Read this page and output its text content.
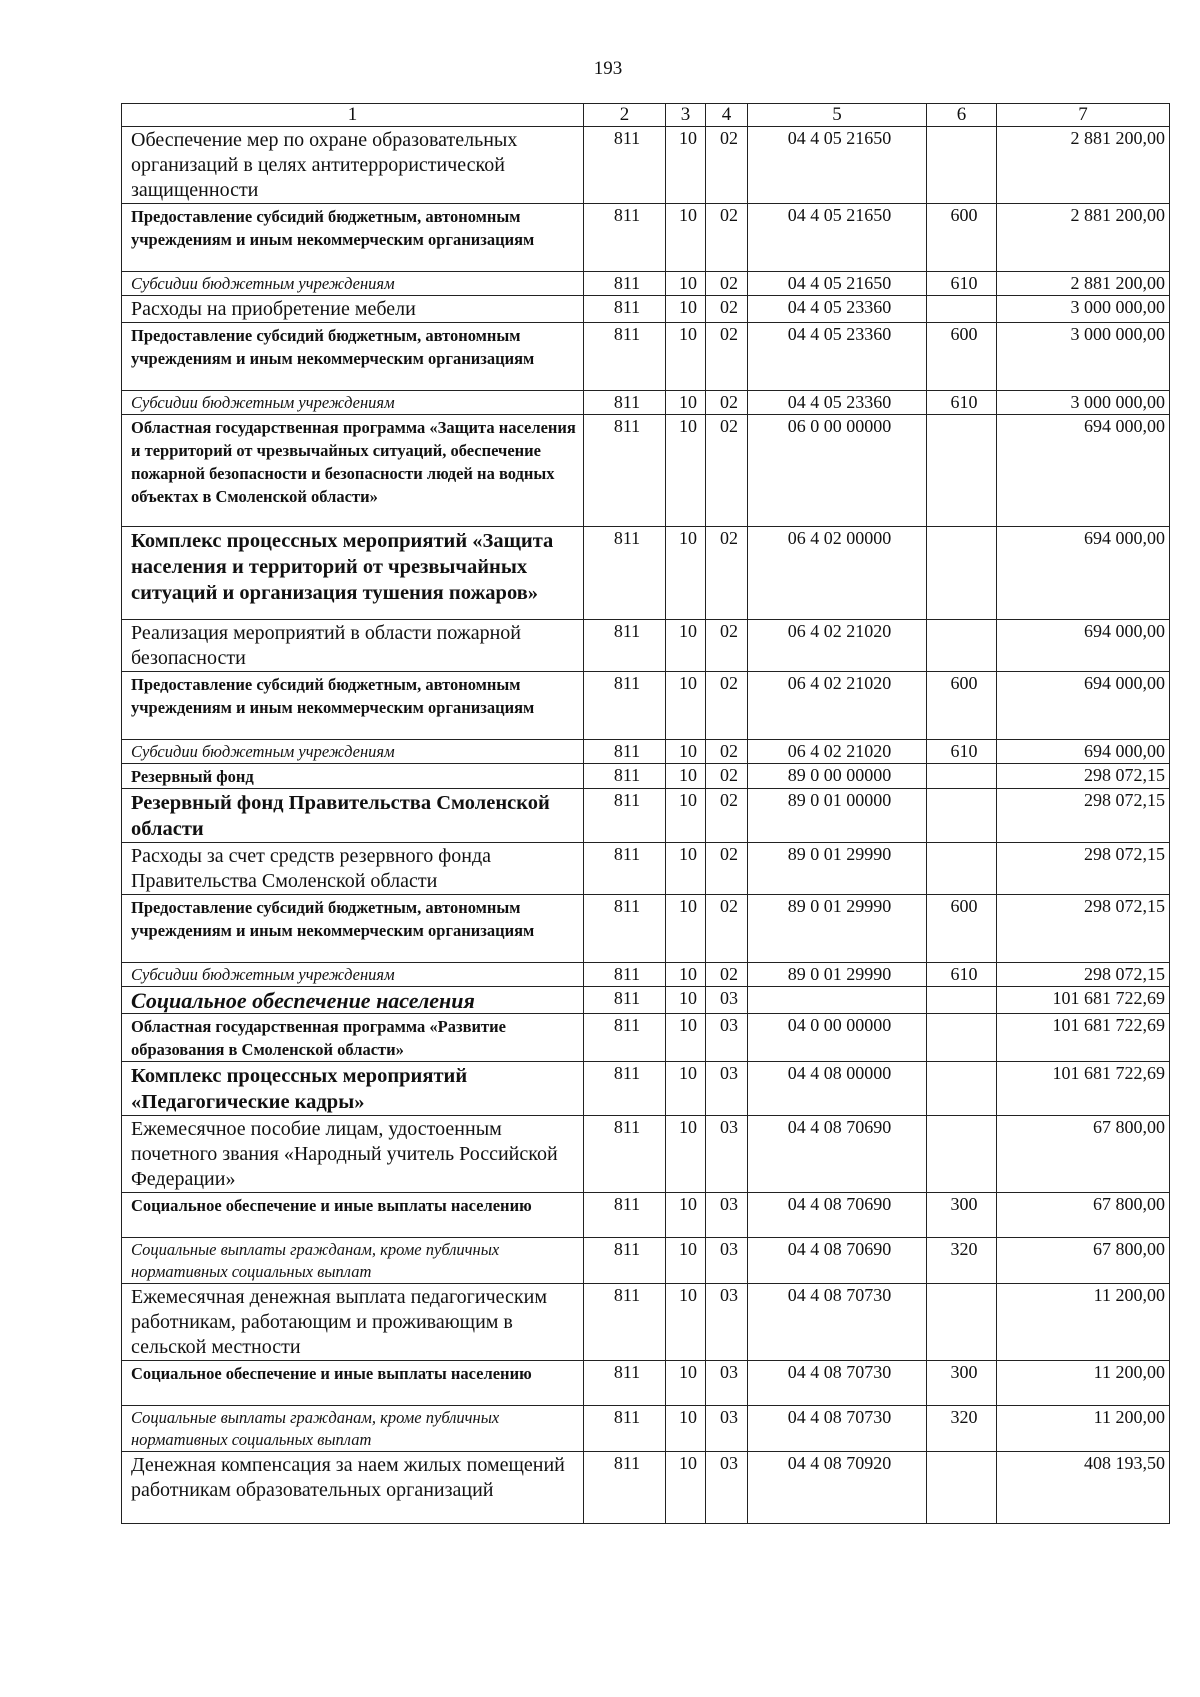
193
1	2	3	4	5	6	7
Обеспечение мер по охране образовательных организаций в целях антитеррористической защищенности	811	10	02	04 4 05 21650		2 881 200,00
Предоставление субсидий бюджетным, автономным учреждениям и иным некоммерческим организациям	811	10	02	04 4 05 21650	600	2 881 200,00
Субсидии бюджетным учреждениям	811	10	02	04 4 05 21650	610	2 881 200,00
Расходы на приобретение мебели	811	10	02	04 4 05 23360		3 000 000,00
Предоставление субсидий бюджетным, автономным учреждениям и иным некоммерческим организациям	811	10	02	04 4 05 23360	600	3 000 000,00
Субсидии бюджетным учреждениям	811	10	02	04 4 05 23360	610	3 000 000,00
Областная государственная программа «Защита населения и территорий от чрезвычайных ситуаций, обеспечение пожарной безопасности и безопасности людей на водных объектах в Смоленской области»	811	10	02	06 0 00 00000		694 000,00
Комплекс процессных мероприятий «Защита населения и территорий от чрезвычайных ситуаций и организация тушения пожаров»	811	10	02	06 4 02 00000		694 000,00
Реализация мероприятий в области пожарной безопасности	811	10	02	06 4 02 21020		694 000,00
Предоставление субсидий бюджетным, автономным учреждениям и иным некоммерческим организациям	811	10	02	06 4 02 21020	600	694 000,00
Субсидии бюджетным учреждениям	811	10	02	06 4 02 21020	610	694 000,00
Резервный фонд	811	10	02	89 0 00 00000		298 072,15
Резервный фонд Правительства Смоленской области	811	10	02	89 0 01 00000		298 072,15
Расходы за счет средств резервного фонда Правительства Смоленской области	811	10	02	89 0 01 29990		298 072,15
Предоставление субсидий бюджетным, автономным учреждениям и иным некоммерческим организациям	811	10	02	89 0 01 29990	600	298 072,15
Субсидии бюджетным учреждениям	811	10	02	89 0 01 29990	610	298 072,15
Социальное обеспечение населения	811	10	03			101 681 722,69
Областная государственная программа «Развитие образования в Смоленской области»	811	10	03	04 0 00 00000		101 681 722,69
Комплекс процессных мероприятий «Педагогические кадры»	811	10	03	04 4 08 00000		101 681 722,69
Ежемесячное пособие лицам, удостоенным почетного звания «Народный учитель Российской Федерации»	811	10	03	04 4 08 70690		67 800,00
Социальное обеспечение и иные выплаты населению	811	10	03	04 4 08 70690	300	67 800,00
Социальные выплаты гражданам, кроме публичных нормативных социальных выплат	811	10	03	04 4 08 70690	320	67 800,00
Ежемесячная денежная выплата педагогическим работникам, работающим и проживающим в сельской местности	811	10	03	04 4 08 70730		11 200,00
Социальное обеспечение и иные выплаты населению	811	10	03	04 4 08 70730	300	11 200,00
Социальные выплаты гражданам, кроме публичных нормативных социальных выплат	811	10	03	04 4 08 70730	320	11 200,00
Денежная компенсация за наем жилых помещений работникам образовательных организаций	811	10	03	04 4 08 70920		408 193,50
